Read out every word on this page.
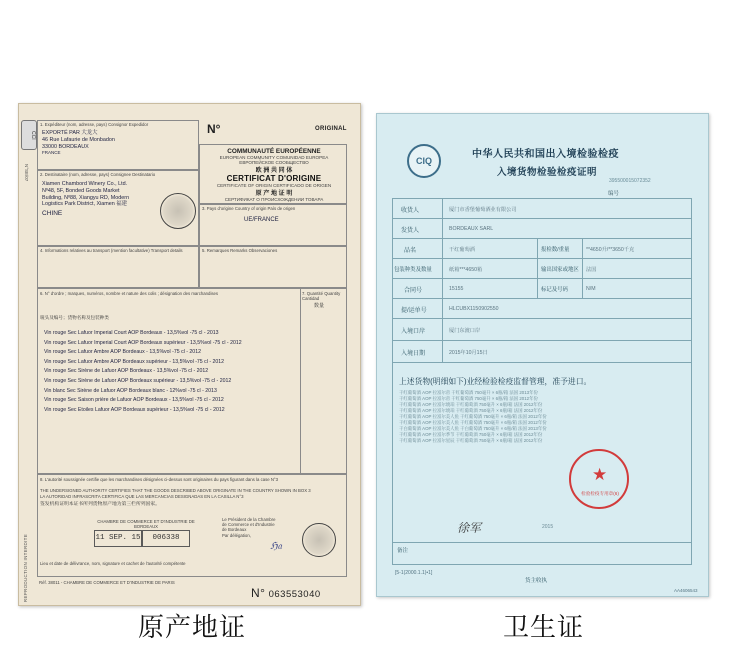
CCI
N°SE/07
REPRODUCTION INTERDITE
1. Expéditeur (nom, adresse, pays) Consignor Expedidor
EXPORTÉ PAR 大龙大
46 Rue Lafaurie de Monbadon
33000 BORDEAUX
FRANCE
N°	ORIGINAL
2. Destinataire (nom, adresse, pays) Consignee Destinatario
Xiamen Chambord Winery Co., Ltd.
Nº48, 5F, Bonded Goods Market
Building, Nº88, Xiangyu RD, Modern
Logistics Park District, Xiamen 福建
CHINE
COMMUNAUTÉ EUROPÉENNE
EUROPEAN COMMUNITY COMUNIDAD EUROPEA
ЕВРОПЕЙСКОЕ СООБЩЕСТВО
欧 洲 共 同 体
CERTIFICAT D'ORIGINE
CERTIFICATE OF ORIGIN CERTIFICADO DE ORIGEN
原 产 地 证 明
СЕРТИФИКАТ О ПРОИСХОЖДЕНИИ ТОВАРА
3. Pays d'origine Country of origin País de origen
UE/FRANCE
4. Informations relatives au transport (mention facultative) Transport details	5. Remarques Remarks Observaciones
6. N° d'ordre ; marques, numéros, nombre et nature des colis ; désignation des marchandises
唛头及编号；货物名称及包装种类
7. Quantité Quantity Cantidad
数量
Vin rouge Sec Lafuor Imperial Court AOP Bordeaux - 13,5%vol -75 cl - 2013
Vin rouge Sec Lafuor Imperial Court AOP Bordeaux supérieur - 13,5%vol -75 cl - 2012
Vin rouge Sec Lafuor Ambre AOP Bordeaux - 13,5%vol -75 cl - 2012
Vin rouge Sec Lafuor Ambre AOP Bordeaux supérieur - 13,5%vol -75 cl - 2012
Vin rouge Sec Sirène de Lafuor AOP Bordeaux - 13,5%vol -75 cl - 2012
Vin rouge Sec Sirène de Lafuor AOP Bordeaux supérieur - 13,5%vol -75 cl - 2012
Vin blanc Sec Sirène de Lafuor AOP Bordeaux blanc - 12%vol -75 cl - 2013
Vin rouge Sec Saison prière de Lafuor AOP Bordeaux - 13,5%vol -75 cl - 2012
Vin rouge Sec Etoiles Lafuor AOP Bordeaux supérieur - 13,5%vol -75 cl - 2012
8. L'autorité soussignée certifie que les marchandises désignées ci-dessus sont originaires du pays figurant dans la case N°3
THE UNDERSIGNED AUTHORITY CERTIFIES THAT THE GOODS DESCRIBED ABOVE ORIGINATE IN THE COUNTRY SHOWN IN BOX 3
LA AUTORIDAD INFRASCRITA CERTIFICA QUE LAS MERCANCIAS DESIGNADAS EN LA CASILLA N°3
签发机构证明本证书所列货物原产地为第三栏所列国家。
CHAMBRE DE COMMERCE ET D'INDUSTRIE DE BORDEAUX
11 SEP. 15	006338
Le Président de la Chambre
de Commerce et d'Industrie
de Bordeaux
Par délégation,
ℌ𝔞
Lieu et date de délivrance, nom, signature et cachet de l'autorité compétente
Réf. 38011 - CHAMBRE DE COMMERCE ET D'INDUSTRIE DE PARIS
N° 063553040
CIQ
中华人民共和国出入境检验检疫
入境货物检验检疫证明
395500015072352
编号
收货人	厦门市香堡葡萄酒业有限公司
发货人	BORDEAUX SARL
品名	干红葡萄酒	报检数/重量	**4650升/**3650千克
包装种类及数量	纸箱***4650箱	输出国家或地区 法国
合同号	15155	标记及号码	N/M
提/运单号	HLCUBX1150902550
入境口岸	厦门东渡口岸
入境日期	2015年10月15日
上述货物(明细如下)业经检验检疫监督管理，准予进口。
干红葡萄酒 AOP 拉富尔帝 干红葡萄酒 750毫升 × 6瓶/箱 法国 2013年份
干红葡萄酒 AOP 拉富尔帝 干红葡萄酒 750毫升 × 6瓶/箱 法国 2012年份
干红葡萄酒 AOP 拉富尔琥珀 干红葡萄酒 750毫升 × 6瓶/箱 法国 2012年份
干红葡萄酒 AOP 拉富尔琥珀 干红葡萄酒 750毫升 × 6瓶/箱 法国 2012年份
干红葡萄酒 AOP 拉富尔美人鱼 干红葡萄酒 750毫升 × 6瓶/箱 法国 2012年份
干红葡萄酒 AOP 拉富尔美人鱼 干红葡萄酒 750毫升 × 6瓶/箱 法国 2012年份
干白葡萄酒 AOP 拉富尔美人鱼 干白葡萄酒 750毫升 × 6瓶/箱 法国 2013年份
干红葡萄酒 AOP 拉富尔季节 干红葡萄酒 750毫升 × 6瓶/箱 法国 2012年份
干红葡萄酒 AOP 拉富尔星辰 干红葡萄酒 750毫升 × 6瓶/箱 法国 2012年份
★
检验检疫专用章(6)
徐军	2015
备注
[5-1(2000.1.1)•1]
货主收执
AA4606543
原产地证	卫生证
